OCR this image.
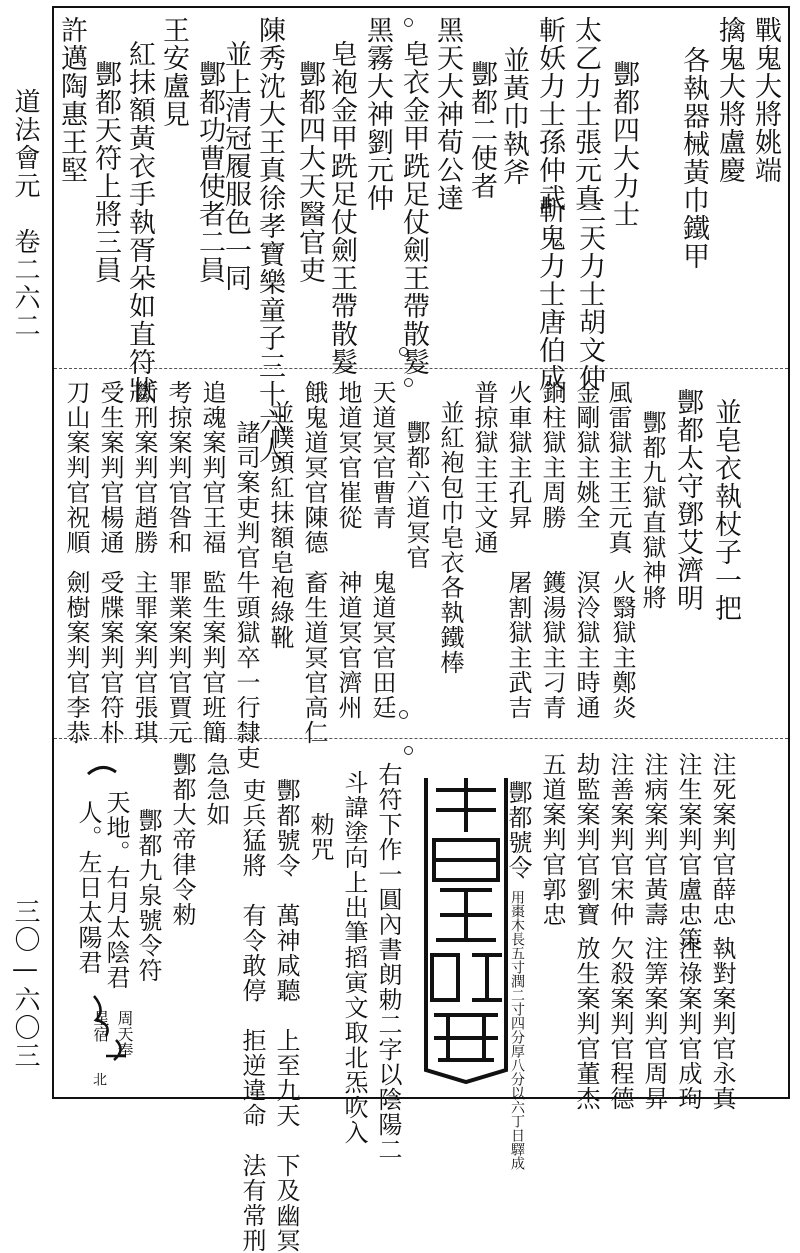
道法會元　卷二六二
三〇—六〇三
戰鬼大將姚端
擒鬼大將盧慶
各執器械黃巾鐵甲
酆都四大力士
太乙力士張元真
三天力士胡文仲
斬妖力士孫仲武
斬鬼力士唐伯成
並黃巾執斧
酆都二使者
黑天大神荀公達
皂衣金甲跣足仗劍王帶散髮
黑霧大神劉元仲
皂袍金甲跣足仗劍王帶散髮
酆都四大天醫官吏
陳秀沈大王真徐孝寶樂童子三十六人
並上清冠履服色一同
酆都功曹使者二員
王安盧見
紅抹額黃衣手執胥朵如直符狀
酆都天符上將三員
許邁陶惠王堅
並皂衣執杖子一把
酆都太守鄧艾濟明
酆都九獄直獄神將
風雷獄主王元真
火翳獄主鄭炎
金剛獄主姚全
溟泠獄主時通
銅柱獄主周勝
鑊湯獄主刁青
火車獄主孔昇
屠割獄主武吉
普掠獄主王文通
並紅袍包巾皂衣各執鐵棒
酆都六道冥官
天道冥官曹青
鬼道冥官田廷
地道冥官崔從
神道冥官濟州
餓鬼道冥官陳德
畜生道冥官高仁
並幞頭紅抹額皂袍綠靴
諸司案吏判官牛頭獄卒一行隸吏
追魂案判官王福
監生案判官班簡
考掠案判官昝和
罪業案判官賈元
斷刑案判官趙勝
主罪案判官張琪
受生案判官楊通
受牒案判官符朴
刀山案判官祝順
劍樹案判官李恭
注死案判官薛忠
執對案判官永真
注生案判官盧忠策
注祿案判官成珣
注病案判官黃壽
注筭案判官周昇
注善案判官宋仲
欠殺案判官程德
劫監案判官劉寶
放生案判官董杰
五道案判官郭忠
酆都號令
用棗木長五寸潤二寸四分厚八分以六丁日驛成
右符下作一圓內書朗勅二字以陰陽二
斗諱塗向上出筆搯寅文取北炁吹入
勑咒
酆都號令　萬神咸聽　上至九天　下及幽冥
吏兵猛將　有令敢停　拒逆違命　法有常刑
急急如
酆都大帝律令勑
酆都九泉號令符
天地。右月太陰君
人。左日太陽君
周天奉
星宿
北
